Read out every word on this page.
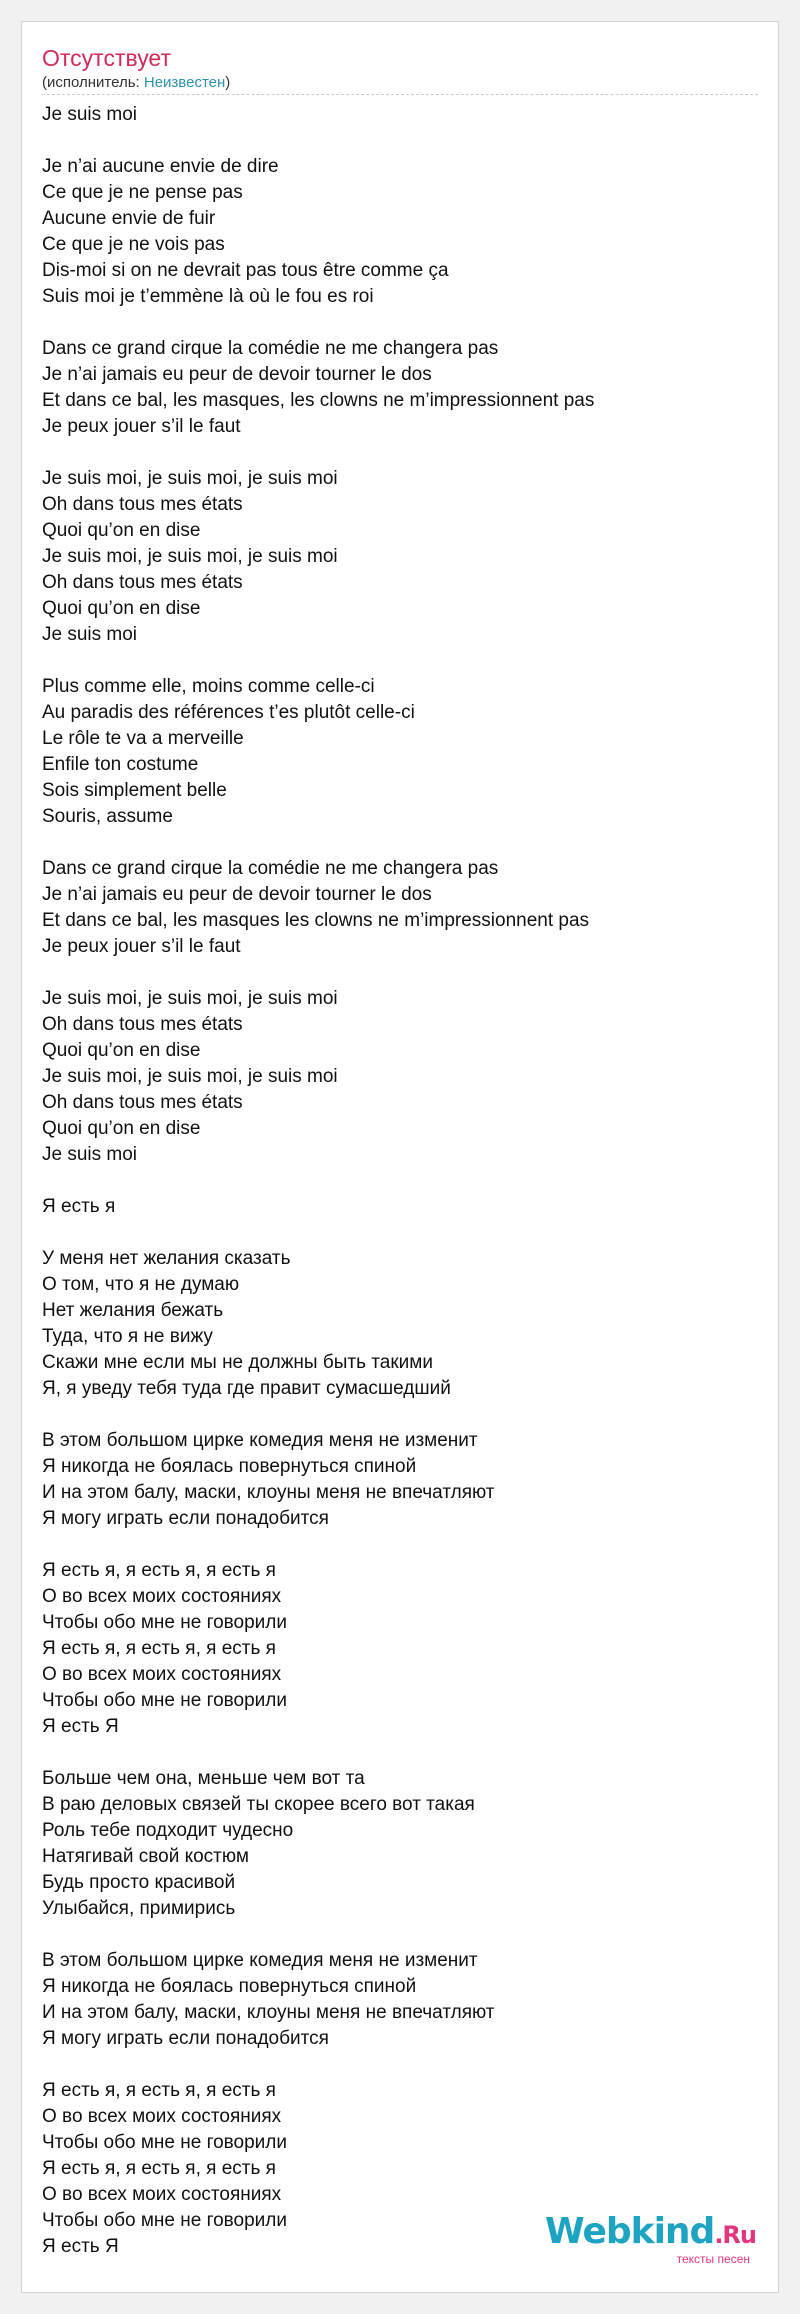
Отсутствует
(исполнитель: Неизвестен)
Je suis moi
Je n’ai aucune envie de dire
Ce que je ne pense pas
Aucune envie de fuir
Ce que je ne vois pas
Dis-moi si on ne devrait pas tous être comme ça
Suis moi je t’emmène là où le fou es roi
Dans ce grand cirque la comédie ne me changera pas
Je n’ai jamais eu peur de devoir tourner le dos
Et dans ce bal, les masques, les clowns ne m’impressionnent pas
Je peux jouer s’il le faut
Je suis moi, je suis moi, je suis moi
Oh dans tous mes états
Quoi qu’on en dise
Je suis moi, je suis moi, je suis moi
Oh dans tous mes états
Quoi qu’on en dise
Je suis moi
Plus comme elle, moins comme celle-ci
Au paradis des références t’es plutôt celle-ci
Le rôle te va a merveille
Enfile ton costume
Sois simplement belle
Souris, assume
Dans ce grand cirque la comédie ne me changera pas
Je n’ai jamais eu peur de devoir tourner le dos
Et dans ce bal, les masques les clowns ne m’impressionnent pas
Je peux jouer s’il le faut
Je suis moi, je suis moi, je suis moi
Oh dans tous mes états
Quoi qu’on en dise
Je suis moi, je suis moi, je suis moi
Oh dans tous mes états
Quoi qu’on en dise
Je suis moi
Я есть я
У меня нет желания сказать
О том, что я не думаю
Нет желания бежать
Туда, что я не вижу
Скажи мне если мы не должны быть такими
Я, я уведу тебя туда где правит сумасшедший
В этом большом цирке комедия меня не изменит
Я никогда не боялась повернуться спиной
И на этом балу, маски, клоуны меня не впечатляют
Я могу играть если понадобится
Я есть я, я есть я, я есть я
О во всех моих состояниях
Чтобы обо мне не говорили
Я есть я, я есть я, я есть я
О во всех моих состояниях
Чтобы обо мне не говорили
Я есть Я
Больше чем она, меньше чем вот та
В раю деловых связей ты скорее всего вот такая
Роль тебе подходит чудесно
Натягивай свой костюм
Будь просто красивой
Улыбайся, примирись
В этом большом цирке комедия меня не изменит
Я никогда не боялась повернуться спиной
И на этом балу, маски, клоуны меня не впечатляют
Я могу играть если понадобится
Я есть я, я есть я, я есть я
О во всех моих состояниях
Чтобы обо мне не говорили
Я есть я, я есть я, я есть я
О во всех моих состояниях
Чтобы обо мне не говорили
Я есть Я	Webkind.Ru
тексты песен
